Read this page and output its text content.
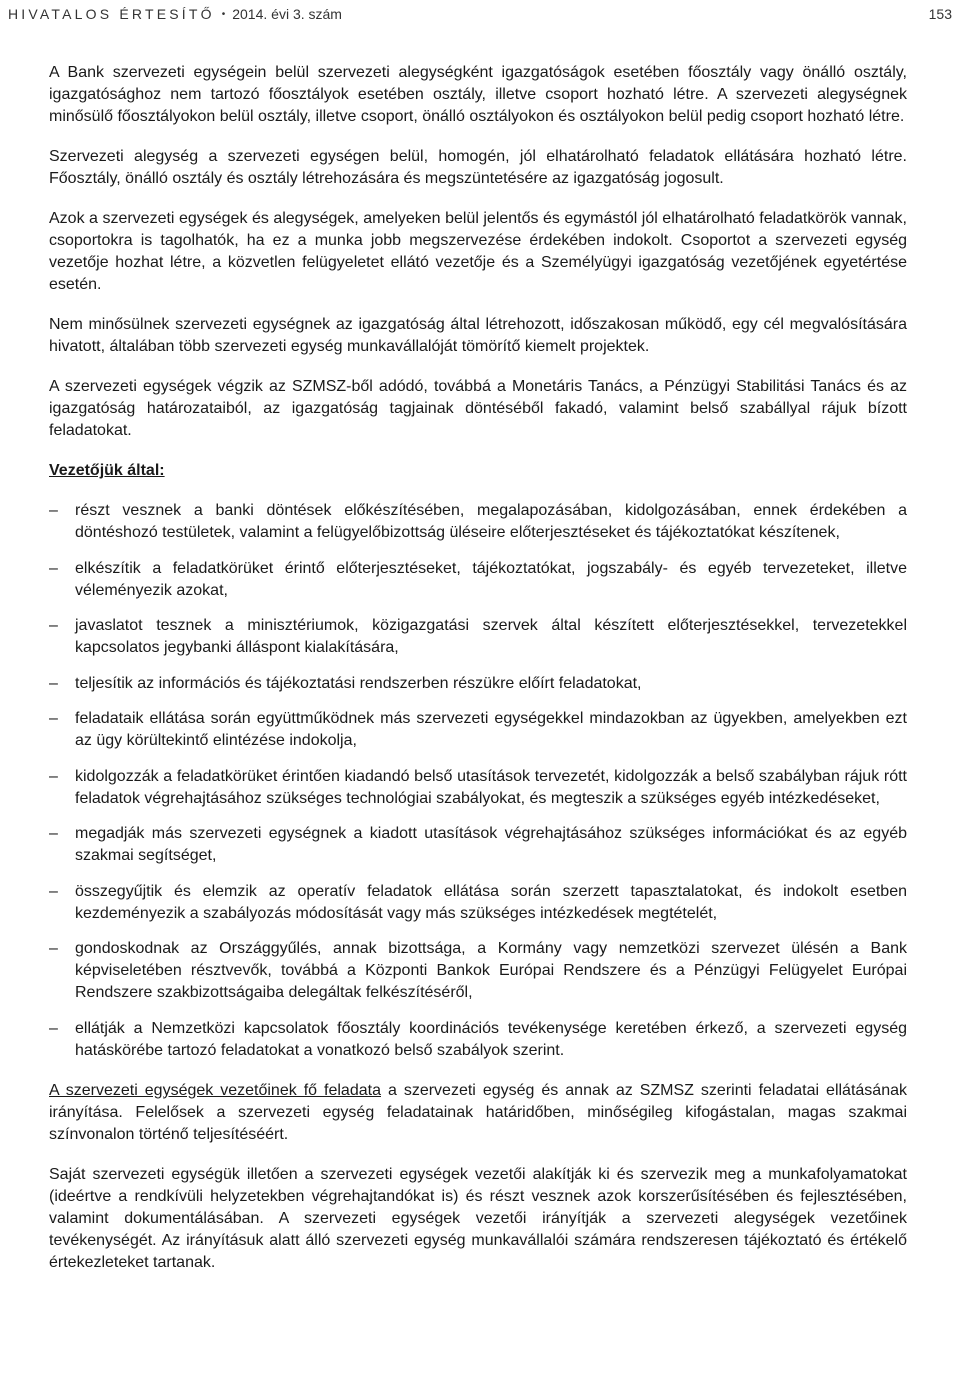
HIVATALOS ÉRTESÍTŐ • 2014. évi 3. szám	153

A Bank szervezeti egységein belül szervezeti alegységként igazgatóságok esetében főosztály vagy önálló osztály, igazgatósághoz nem tartozó főosztályok esetében osztály, illetve csoport hozható létre. A szervezeti alegységnek minősülő főosztályokon belül osztály, illetve csoport, önálló osztályokon és osztályokon belül pedig csoport hozható létre.

Szervezeti alegység a szervezeti egységen belül, homogén, jól elhatárolható feladatok ellátására hozható létre. Főosztály, önálló osztály és osztály létrehozására és megszüntetésére az igazgatóság jogosult.

Azok a szervezeti egységek és alegységek, amelyeken belül jelentős és egymástól jól elhatárolható feladatkörök vannak, csoportokra is tagolhatók, ha ez a munka jobb megszervezése érdekében indokolt. Csoportot a szervezeti egység vezetője hozhat létre, a közvetlen felügyeletet ellátó vezetője és a Személyügyi igazgatóság vezetőjének egyetértése esetén.

Nem minősülnek szervezeti egységnek az igazgatóság által létrehozott, időszakosan működő, egy cél megvalósítására hivatott, általában több szervezeti egység munkavállalóját tömörítő kiemelt projektek.

A szervezeti egységek végzik az SZMSZ-ből adódó, továbbá a Monetáris Tanács, a Pénzügyi Stabilitási Tanács és az igazgatóság határozataiból, az igazgatóság tagjainak döntéséből fakadó, valamint belső szabállyal rájuk bízott feladatokat.

Vezetőjük által:
– részt vesznek a banki döntések előkészítésében, megalapozásában, kidolgozásában, ennek érdekében a döntéshozó testületek, valamint a felügyelőbizottság üléseire előterjesztéseket és tájékoztatókat készítenek,
– elkészítik a feladatkörüket érintő előterjesztéseket, tájékoztatókat, jogszabály- és egyéb tervezeteket, illetve véleményezik azokat,
– javaslatot tesznek a minisztériumok, közigazgatási szervek által készített előterjesztésekkel, tervezetekkel kapcsolatos jegybanki álláspont kialakítására,
– teljesítik az információs és tájékoztatási rendszerben részükre előírt feladatokat,
– feladataik ellátása során együttműködnek más szervezeti egységekkel mindazokban az ügyekben, amelyekben ezt az ügy körültekintő elintézése indokolja,
– kidolgozzák a feladatkörüket érintően kiadandó belső utasítások tervezetét, kidolgozzák a belső szabályban rájuk rótt feladatok végrehajtásához szükséges technológiai szabályokat, és megteszik a szükséges egyéb intézkedéseket,
– megadják más szervezeti egységnek a kiadott utasítások végrehajtásához szükséges információkat és az egyéb szakmai segítséget,
– összegyűjtik és elemzik az operatív feladatok ellátása során szerzett tapasztalatokat, és indokolt esetben kezdeményezik a szabályozás módosítását vagy más szükséges intézkedések megtételét,
– gondoskodnak az Országgyűlés, annak bizottsága, a Kormány vagy nemzetközi szervezet ülésén a Bank képviseletében résztvevők, továbbá a Központi Bankok Európai Rendszere és a Pénzügyi Felügyelet Európai Rendszere szakbizottságaiba delegáltak felkészítéséről,
– ellátják a Nemzetközi kapcsolatok főosztály koordinációs tevékenysége keretében érkező, a szervezeti egység hatáskörébe tartozó feladatokat a vonatkozó belső szabályok szerint.

A szervezeti egységek vezetőinek fő feladata a szervezeti egység és annak az SZMSZ szerinti feladatai ellátásának irányítása. Felelősek a szervezeti egység feladatainak határidőben, minőségileg kifogástalan, magas szakmai színvonalon történő teljesítéséért.

Saját szervezeti egységük illetően a szervezeti egységek vezetői alakítják ki és szervezik meg a munkafolyamatokat (ideértve a rendkívüli helyzetekben végrehajtandókat is) és részt vesznek azok korszerűsítésében és fejlesztésében, valamint dokumentálásában. A szervezeti egységek vezetői irányítják a szervezeti alegységek vezetőinek tevékenységét. Az irányításuk alatt álló szervezeti egység munkavállalói számára rendszeresen tájékoztató és értékelő értekezleteket tartanak.
